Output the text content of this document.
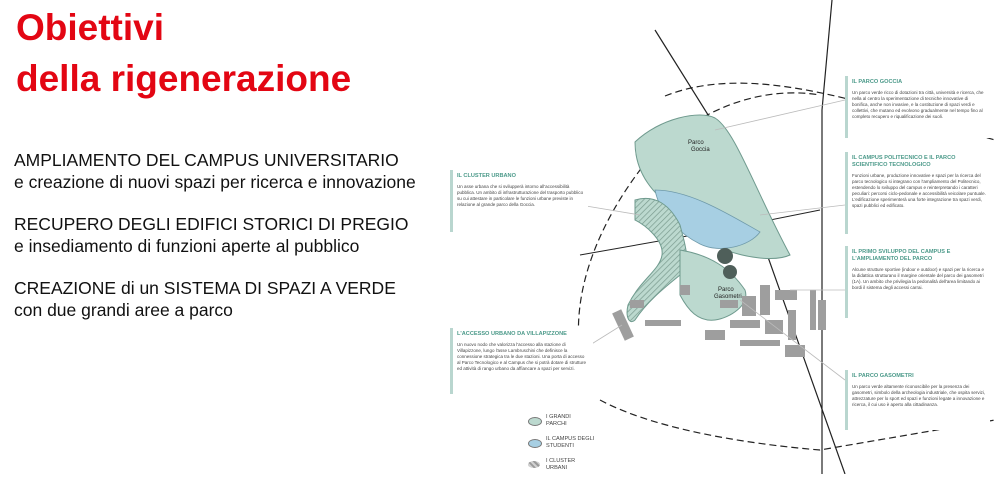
Obiettivi
della rigenerazione

AMPLIAMENTO DEL CAMPUS UNIVERSITARIO
e creazione di nuovi spazi per ricerca e innovazione

RECUPERO DEGLI EDIFICI STORICI DI PREGIO
e insediamento di funzioni aperte al pubblico

CREAZIONE di un SISTEMA DI SPAZI A VERDE
con due grandi aree a parco

Parco Goccia
Parco Gasometri
IL PARCO GOCCIA
Un parco verde ricco di dotazioni tra città, università e ricerca, che nella al centro la sperimentazione di tecniche innovative di bonifica, anche non invasive, e la costituzione di spazi verdi e collettivi, che mutano ed evolvono gradualmente nel tempo fino al completo recupero e riqualificazione dei suoli.
IL CAMPUS POLITECNICO E IL PARCO SCIENTIFICO TECNOLOGICO
Funzioni urbane, produzione innovative e spazi per la ricerca del parco tecnologico si integrano con l'ampliamento del Politecnico, estendendo lo sviluppo del campus e reinterpretando i caratteri peculiari: percorsi ciclo-pedonale e accessibilità veicolare puntuale. L'edificazione sperimenterà una forte integrazione tra spazi verdi, spazi pubblici ed edificato.
IL PRIMO SVILUPPO DEL CAMPUS E L'AMPLIAMENTO DEL PARCO
Alcune strutture sportive (indoor e outdoor) e spazi per la ricerca e la didattica strutturano il margine orientale del parco dei gasometri (1A). Un ambito che privilegia la pedonalità dell'area limitando ai bordi il sistema degli accessi carrai.
IL PARCO GASOMETRI
Un parco verde altamente riconoscibile per la presenza dei gasometri, simbolo della archeologia industriale, che ospita servizi, attrezzature per lo sport ed spazi e funzioni legate a innovazione e ricerca, il cui uso è aperto alla cittadinanza.
IL CLUSTER URBANO
Un asse urbana che si svilupperà intorno all'accessibilità pubblica. Un ambito di infrastrutturazione del trasporto pubblico su cui attestare in particolare le funzioni urbane previste in relazione al grande parco della Goccia.
L'ACCESSO URBANO DA VILLAPIZZONE
Un nuovo nodo che valorizza l'accesso alla stazione di Villapizzone, lungo l'asse Lambruschini che definisce la connessione strategica tra le due stazioni. Una porta di accesso al Parco Tecnologico e al Campus che si potrà dotare di strutture ed attività di rango urbano da affiancare a spazi per servizi.
I GRANDI
PARCHI
IL CAMPUS DEGLI
STUDENTI
I CLUSTER
URBANI
